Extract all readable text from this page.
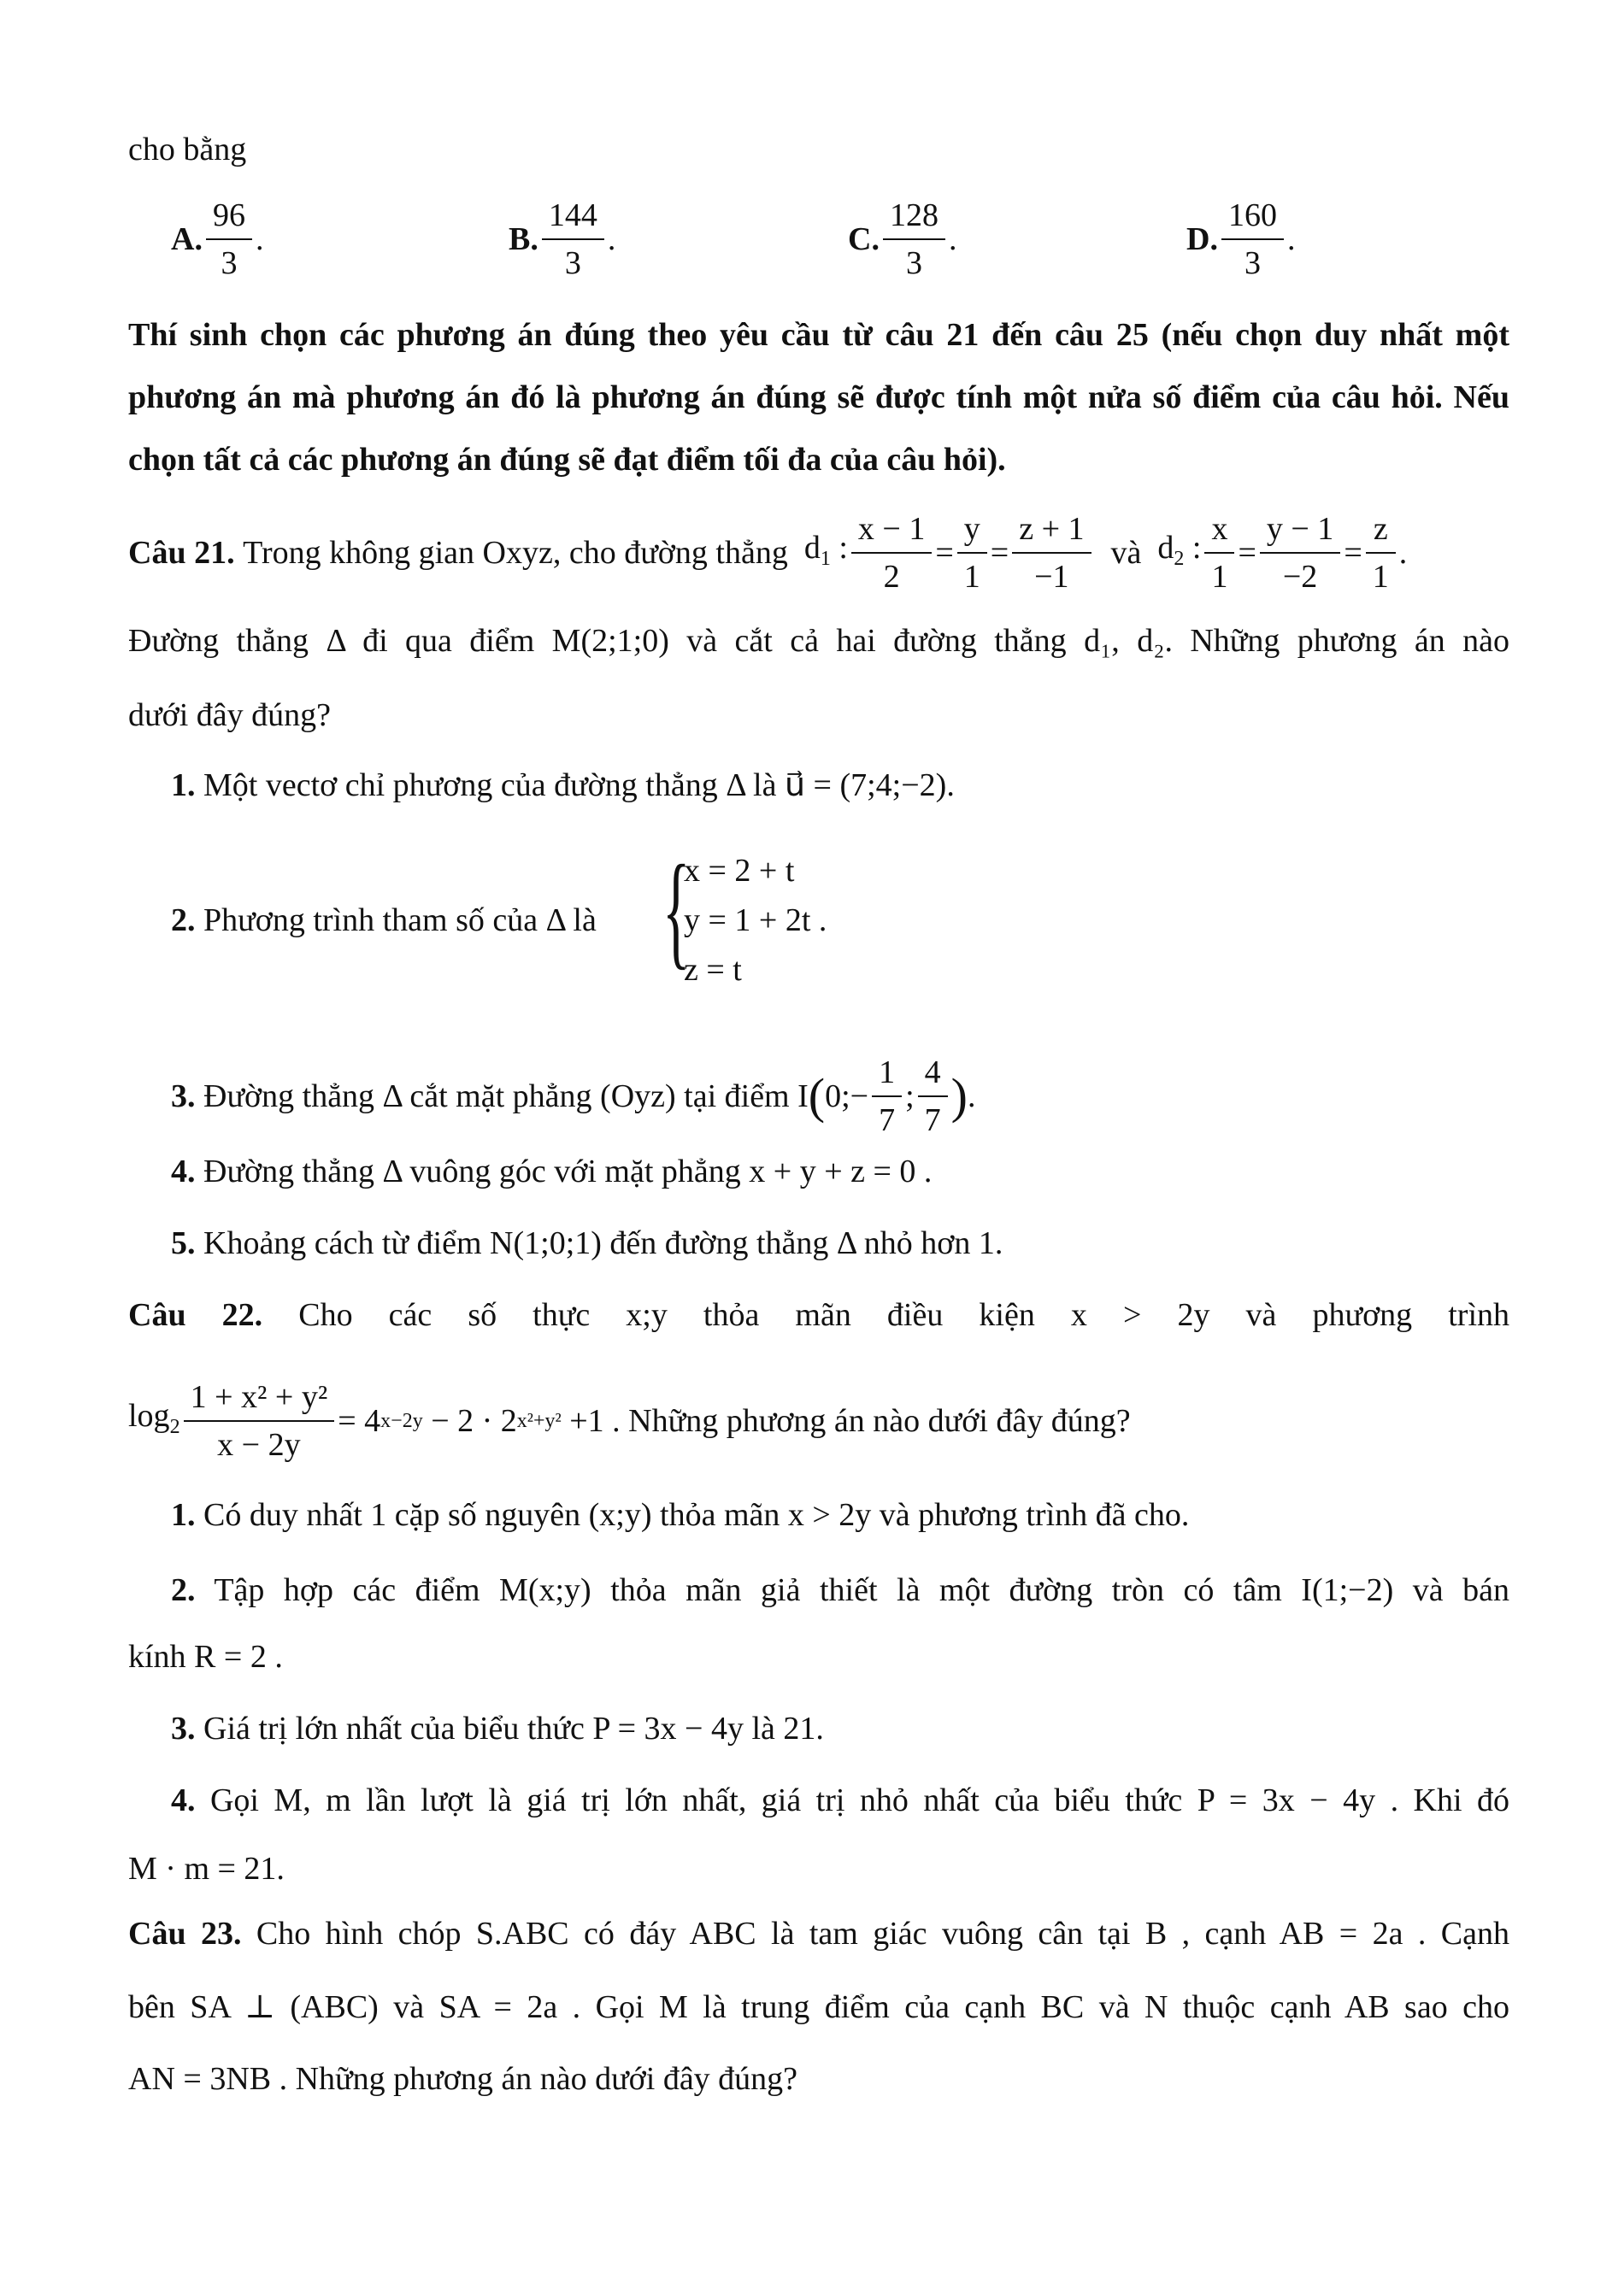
cho bằng
A. $\frac{96}{3}$ .	B. $\frac{144}{3}$ .	C. $\frac{128}{3}$ .	D. $\frac{160}{3}$ .
Thí sinh chọn các phương án đúng theo yêu cầu từ câu 21 đến câu 25 (nếu chọn duy nhất một phương án mà phương án đó là phương án đúng sẽ được tính một nửa số điểm của câu hỏi. Nếu chọn tất cả các phương án đúng sẽ đạt điểm tối đa của câu hỏi).
Câu 21.
Trong không gian Oxyz, cho đường thẳng
$d_1$ : $\frac{x - 1}{2} = \frac{y}{1} = \frac{z + 1}{-1}$
và
$d_2$ : $\frac{x}{1} = \frac{y - 1}{-2} = \frac{z}{1}$ .
Đường thẳng Δ đi qua điểm M(2;1;0) và cắt cả hai đường thẳng d₁, d₂. Những phương án nào
dưới đây đúng?
1. Một vectơ chỉ phương của đường thẳng Δ là u⃗ = (7;4;−2).
2. Phương trình tham số của Δ là {
x = 2 + t
y = 1 + 2t .
z = t
3.
Đường thẳng Δ cắt mặt phẳng (Oyz) tại điểm
I ( 0;− $\frac{1}{7}$ ; $\frac{4}{7}$ ) .
4. Đường thẳng Δ vuông góc với mặt phẳng x + y + z = 0 .
5. Khoảng cách từ điểm N(1;0;1) đến đường thẳng Δ nhỏ hơn 1.
Câu 22. Cho các số thực x;y thỏa mãn điều kiện x > 2y và phương trình
$\log_2 \frac{\text{1 + x² + y²}}{x - 2y} = 4$ x−2y
− 2 · 2 x²+y²
+1 . Những phương án nào dưới đây đúng?
1. Có duy nhất 1 cặp số nguyên (x;y) thỏa mãn x > 2y và phương trình đã cho.
2. Tập hợp các điểm M(x;y) thỏa mãn giả thiết là một đường tròn có tâm I(1;−2) và bán
kính R = 2 .
3. Giá trị lớn nhất của biểu thức P = 3x − 4y là 21.
4. Gọi M, m lần lượt là giá trị lớn nhất, giá trị nhỏ nhất của biểu thức P = 3x − 4y . Khi đó
M · m = 21.
Câu 23. Cho hình chóp S.ABC có đáy ABC là tam giác vuông cân tại B , cạnh AB = 2a . Cạnh
bên SA ⊥ (ABC) và SA = 2a . Gọi M là trung điểm của cạnh BC và N thuộc cạnh AB sao cho
AN = 3NB . Những phương án nào dưới đây đúng?
